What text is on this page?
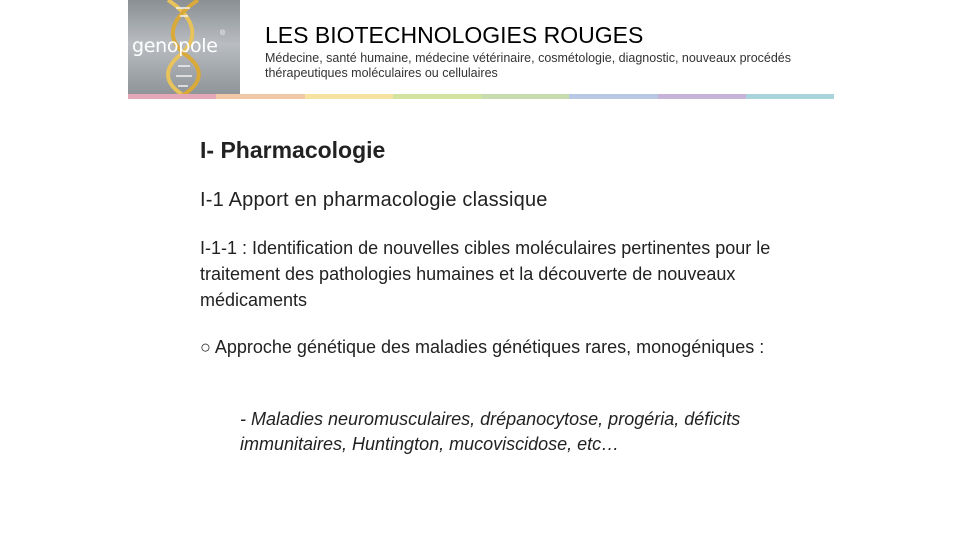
genopole
® LES BIOTECHNOLOGIES ROUGES
Médecine, santé humaine, médecine vétérinaire, cosmétologie, diagnostic, nouveaux procédés thérapeutiques moléculaires ou cellulaires
I- Pharmacologie
I-1 Apport en pharmacologie classique
I-1-1 : Identification de nouvelles cibles moléculaires pertinentes pour le traitement des pathologies humaines et la découverte de nouveaux médicaments
○ Approche génétique des maladies génétiques rares, monogéniques :
- Maladies neuromusculaires, drépanocytose, progéria, déficits immunitaires, Huntington, mucoviscidose, etc…
